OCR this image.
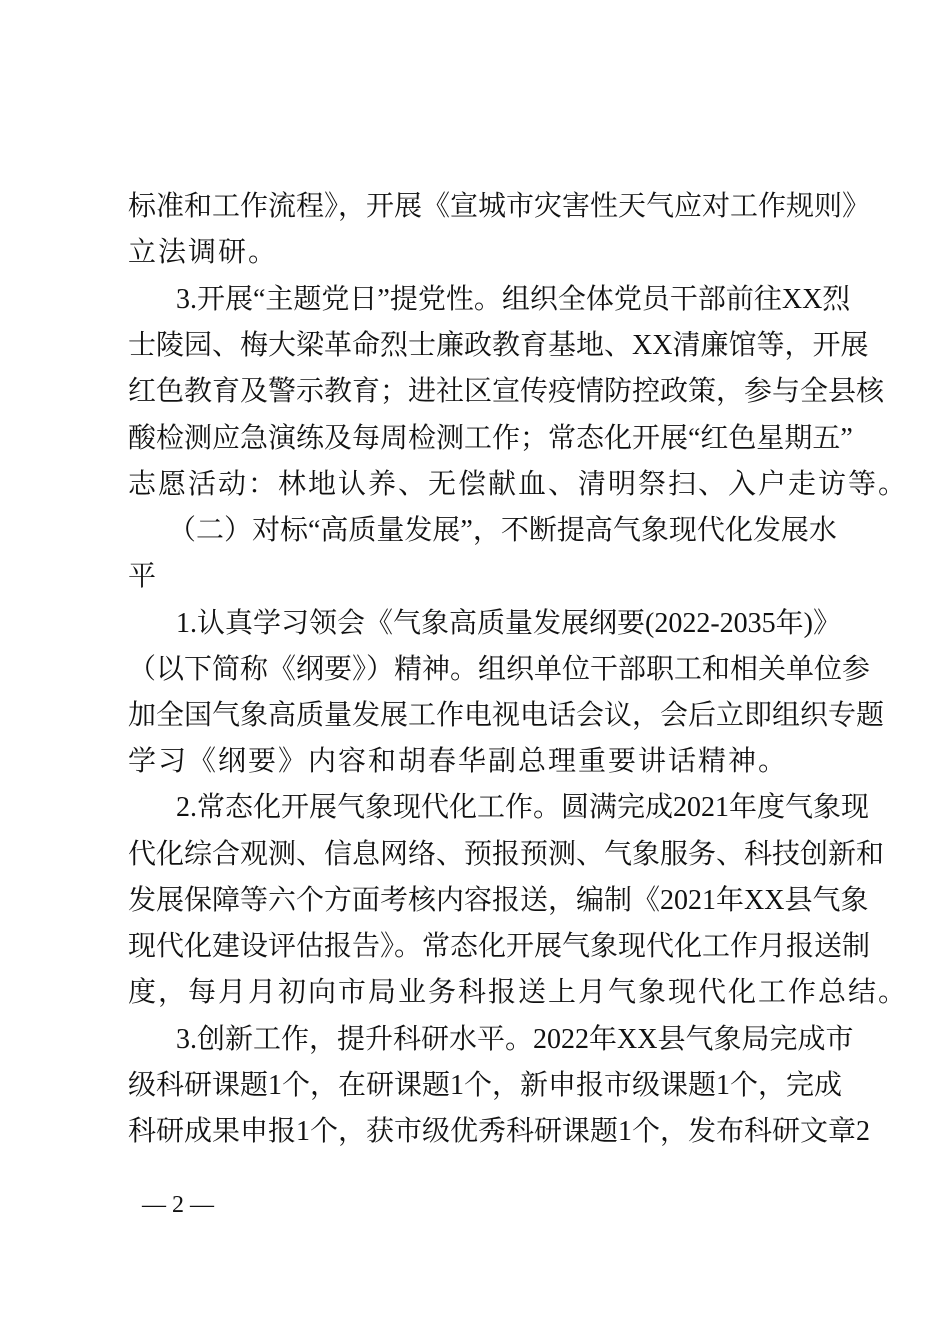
标准和工作流程》，开展《宣城市灾害性天气应对工作规则》
立法调研。
3.开展“主题党日”提党性。组织全体党员干部前往XX烈
士陵园、梅大梁革命烈士廉政教育基地、XX清廉馆等，开展
红色教育及警示教育；进社区宣传疫情防控政策，参与全县核
酸检测应急演练及每周检测工作；常态化开展“红色星期五”
志愿活动：林地认养、无偿献血、清明祭扫、入户走访等。
（二）对标“高质量发展”，不断提高气象现代化发展水
平
1.认真学习领会《气象高质量发展纲要(2022-2035年)》
（以下简称《纲要》）精神。组织单位干部职工和相关单位参
加全国气象高质量发展工作电视电话会议，会后立即组织专题
学习《纲要》内容和胡春华副总理重要讲话精神。
2.常态化开展气象现代化工作。圆满完成2021年度气象现
代化综合观测、信息网络、预报预测、气象服务、科技创新和
发展保障等六个方面考核内容报送，编制《2021年XX县气象
现代化建设评估报告》。常态化开展气象现代化工作月报送制
度，每月月初向市局业务科报送上月气象现代化工作总结。
3.创新工作，提升科研水平。2022年XX县气象局完成市
级科研课题1个，在研课题1个，新申报市级课题1个，完成
科研成果申报1个，获市级优秀科研课题1个，发布科研文章2
— 2 —
